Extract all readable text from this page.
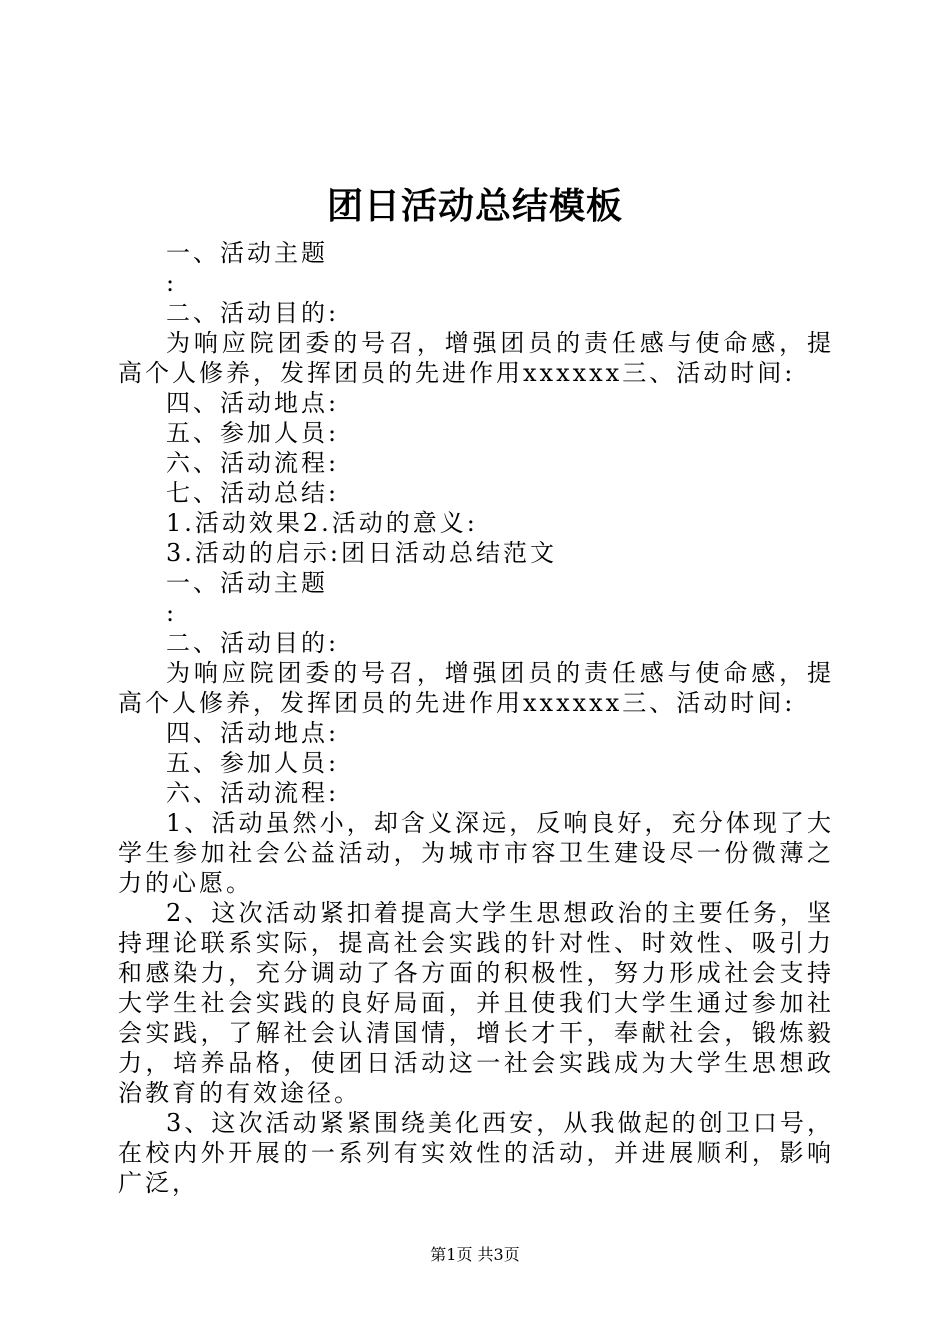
团日活动总结模板

一、活动主题

:

二、活动目的:

为响应院团委的号召，增强团员的责任感与使命感，提高个人修养，发挥团员的先进作用xxxxxx三、活动时间:

四、活动地点:

五、参加人员:

六、活动流程:

七、活动总结:

1.活动效果2.活动的意义:

3.活动的启示:团日活动总结范文

一、活动主题

:

二、活动目的:

为响应院团委的号召，增强团员的责任感与使命感，提高个人修养，发挥团员的先进作用xxxxxx三、活动时间:

四、活动地点:

五、参加人员:

六、活动流程:

1、活动虽然小，却含义深远，反响良好，充分体现了大学生参加社会公益活动，为城市市容卫生建设尽一份微薄之力的心愿。

2、这次活动紧扣着提高大学生思想政治的主要任务，坚持理论联系实际，提高社会实践的针对性、时效性、吸引力和感染力，充分调动了各方面的积极性，努力形成社会支持大学生社会实践的良好局面，并且使我们大学生通过参加社会实践，了解社会认清国情，增长才干，奉献社会，锻炼毅力，培养品格，使团日活动这一社会实践成为大学生思想政治教育的有效途径。

3、这次活动紧紧围绕美化西安，从我做起的创卫口号，在校内外开展的一系列有实效性的活动，并进展顺利，影响广泛，

第1页 共3页
